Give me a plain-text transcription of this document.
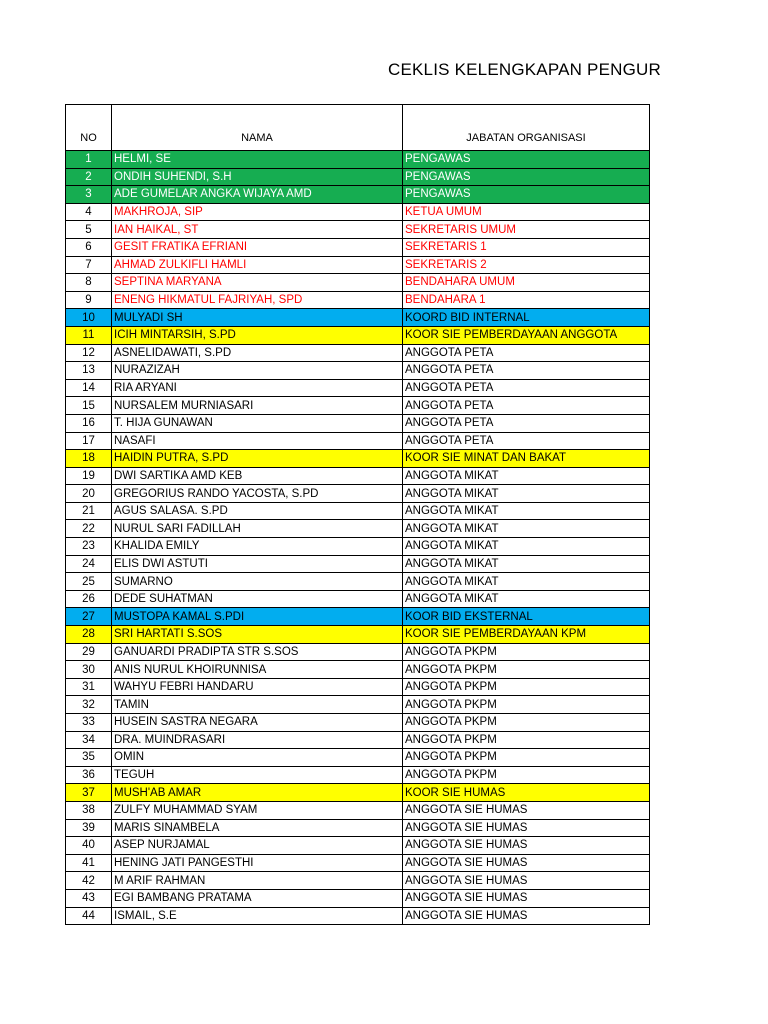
CEKLIS KELENGKAPAN PENGUR
NO	NAMA	JABATAN ORGANISASI
1	HELMI, SE	PENGAWAS
2	ONDIH SUHENDI, S.H	PENGAWAS
3	ADE GUMELAR ANGKA WIJAYA AMD	PENGAWAS
4	MAKHROJA, SIP	KETUA UMUM
5	IAN HAIKAL, ST	SEKRETARIS UMUM
6	GESIT FRATIKA EFRIANI	SEKRETARIS 1
7	AHMAD ZULKIFLI HAMLI	SEKRETARIS 2
8	SEPTINA MARYANA	BENDAHARA UMUM
9	ENENG HIKMATUL FAJRIYAH, SPD	BENDAHARA 1
10	MULYADI SH	KOORD BID INTERNAL
11	ICIH MINTARSIH, S.PD	KOOR SIE PEMBERDAYAAN ANGGOTA
12	ASNELIDAWATI, S.PD	ANGGOTA PETA
13	NURAZIZAH	ANGGOTA PETA
14	RIA ARYANI	ANGGOTA PETA
15	NURSALEM MURNIASARI	ANGGOTA PETA
16	T. HIJA GUNAWAN	ANGGOTA PETA
17	NASAFI	ANGGOTA PETA
18	HAIDIN PUTRA, S.PD	KOOR SIE MINAT DAN BAKAT
19	DWI SARTIKA AMD KEB	ANGGOTA MIKAT
20	GREGORIUS RANDO YACOSTA, S.PD	ANGGOTA MIKAT
21	AGUS SALASA. S.PD	ANGGOTA MIKAT
22	NURUL SARI FADILLAH	ANGGOTA MIKAT
23	KHALIDA EMILY	ANGGOTA MIKAT
24	ELIS DWI ASTUTI	ANGGOTA MIKAT
25	SUMARNO	ANGGOTA MIKAT
26	DEDE SUHATMAN	ANGGOTA MIKAT
27	MUSTOPA KAMAL S.PDI	KOOR BID EKSTERNAL
28	SRI HARTATI S.SOS	KOOR SIE PEMBERDAYAAN KPM
29	GANUARDI PRADIPTA STR S.SOS	ANGGOTA PKPM
30	ANIS NURUL KHOIRUNNISA	ANGGOTA PKPM
31	WAHYU FEBRI HANDARU	ANGGOTA PKPM
32	TAMIN	ANGGOTA PKPM
33	HUSEIN SASTRA NEGARA	ANGGOTA PKPM
34	DRA. MUINDRASARI	ANGGOTA PKPM
35	OMIN	ANGGOTA PKPM
36	TEGUH	ANGGOTA PKPM
37	MUSH'AB AMAR	KOOR SIE HUMAS
38	ZULFY MUHAMMAD SYAM	ANGGOTA SIE HUMAS
39	MARIS SINAMBELA	ANGGOTA SIE HUMAS
40	ASEP NURJAMAL	ANGGOTA SIE HUMAS
41	HENING JATI PANGESTHI	ANGGOTA SIE HUMAS
42	M ARIF RAHMAN	ANGGOTA SIE HUMAS
43	EGI BAMBANG PRATAMA	ANGGOTA SIE HUMAS
44	ISMAIL, S.E	ANGGOTA SIE HUMAS
